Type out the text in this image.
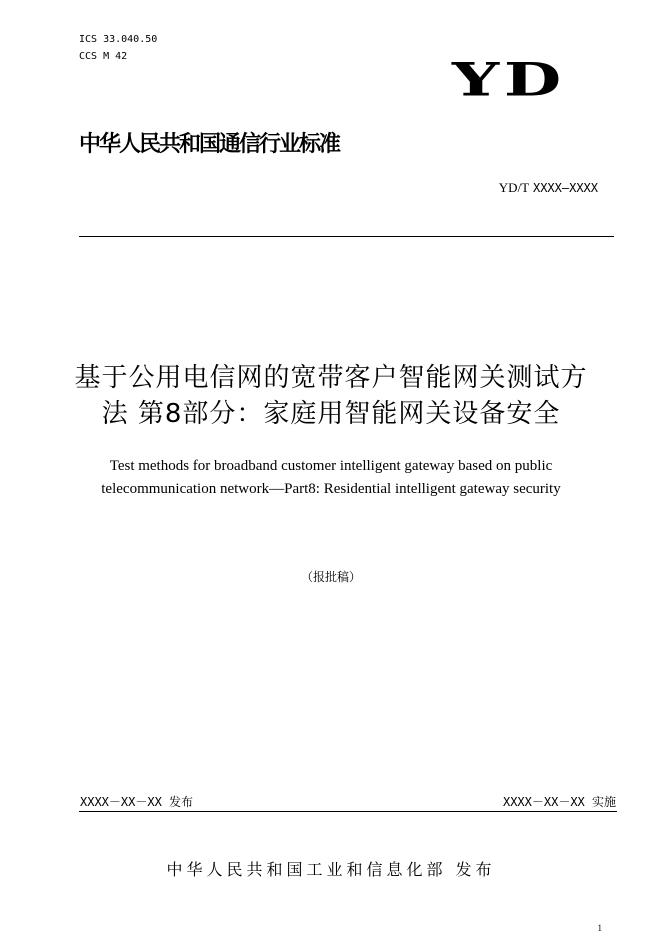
ICS 33.040.50
CCS M 42	YD
中华人民共和国通信行业标准
YD/T XXXX—XXXX
基于公用电信网的宽带客户智能网关测试方
法 第8部分：家庭用智能网关设备安全
Test methods for broadband customer intelligent gateway based on public
telecommunication network—Part8: Residential intelligent gateway security
（报批稿）
XXXX－XX－XX 发布	XXXX－XX－XX 实施
中华人民共和国工业和信息化部 发布
1
